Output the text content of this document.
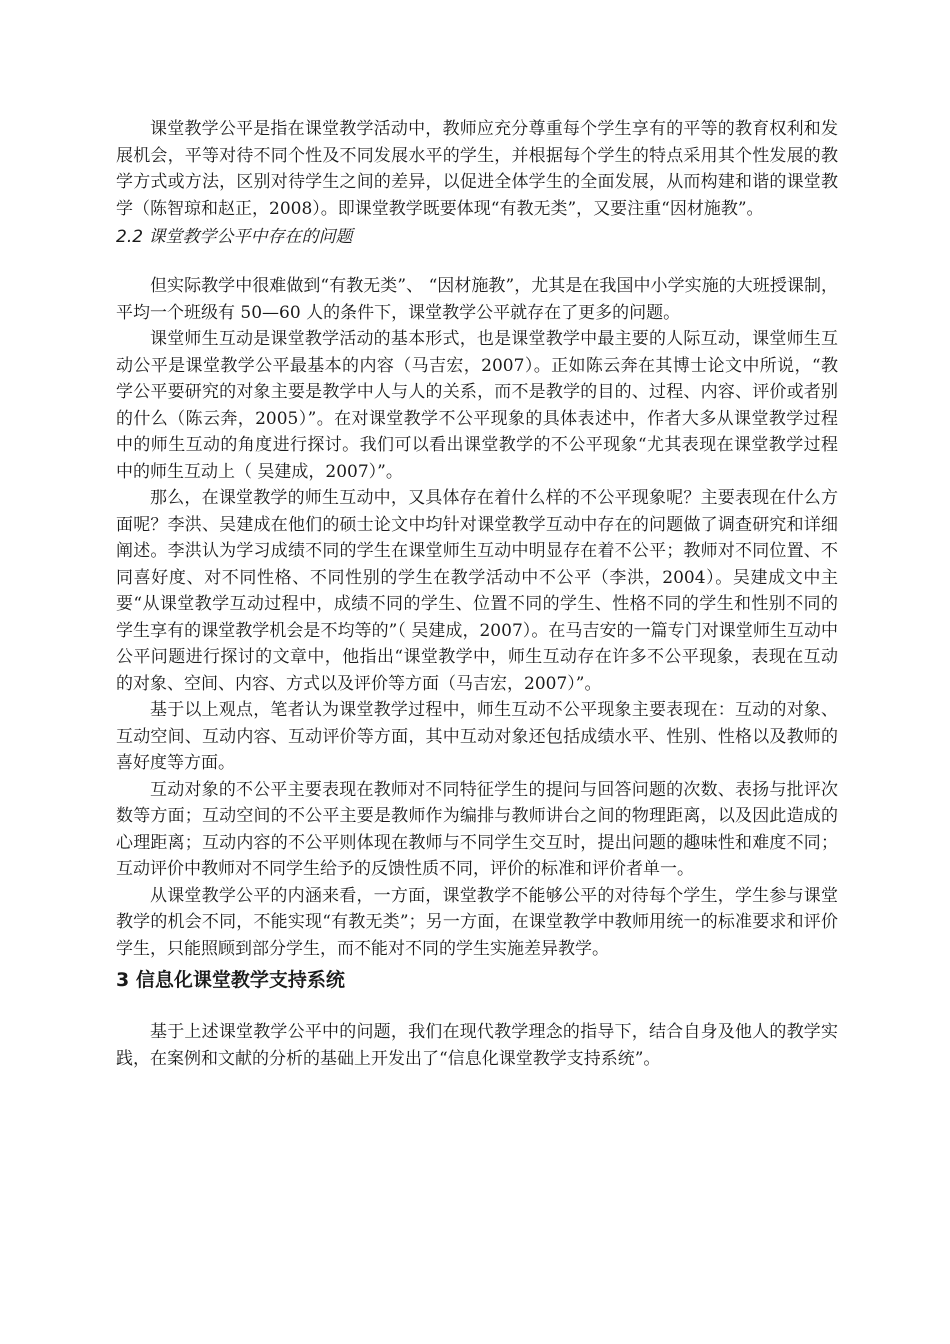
课堂教学公平是指在课堂教学活动中，教师应充分尊重每个学生享有的平等的教育权利和发展机会，平等对待不同个性及不同发展水平的学生，并根据每个学生的特点采用其个性发展的教学方式或方法，区别对待学生之间的差异，以促进全体学生的全面发展，从而构建和谐的课堂教学（陈智琼和赵正，2008）。即课堂教学既要体现“有教无类”，又要注重“因材施教”。

2.2 课堂教学公平中存在的问题

但实际教学中很难做到“有教无类”、 “因材施教”，尤其是在我国中小学实施的大班授课制，平均一个班级有 50—60 人的条件下，课堂教学公平就存在了更多的问题。

课堂师生互动是课堂教学活动的基本形式，也是课堂教学中最主要的人际互动，课堂师生互动公平是课堂教学公平最基本的内容（马吉宏，2007）。正如陈云奔在其博士论文中所说，“教学公平要研究的对象主要是教学中人与人的关系，而不是教学的目的、过程、内容、评价或者别的什么（陈云奔，2005）”。在对课堂教学不公平现象的具体表述中，作者大多从课堂教学过程中的师生互动的角度进行探讨。我们可以看出课堂教学的不公平现象“尤其表现在课堂教学过程中的师生互动上（ 吴建成，2007）”。

那么，在课堂教学的师生互动中，又具体存在着什么样的不公平现象呢？主要表现在什么方面呢？李洪、吴建成在他们的硕士论文中均针对课堂教学互动中存在的问题做了调查研究和详细阐述。李洪认为学习成绩不同的学生在课堂师生互动中明显存在着不公平；教师对不同位置、不同喜好度、对不同性格、不同性别的学生在教学活动中不公平（李洪，2004）。吴建成文中主要“从课堂教学互动过程中，成绩不同的学生、位置不同的学生、性格不同的学生和性别不同的学生享有的课堂教学机会是不均等的”（ 吴建成，2007）。在马吉安的一篇专门对课堂师生互动中公平问题进行探讨的文章中，他指出“课堂教学中，师生互动存在许多不公平现象，表现在互动的对象、空间、内容、方式以及评价等方面（马吉宏，2007）”。

基于以上观点，笔者认为课堂教学过程中，师生互动不公平现象主要表现在：互动的对象、互动空间、互动内容、互动评价等方面，其中互动对象还包括成绩水平、性别、性格以及教师的喜好度等方面。

互动对象的不公平主要表现在教师对不同特征学生的提问与回答问题的次数、表扬与批评次数等方面；互动空间的不公平主要是教师作为编排与教师讲台之间的物理距离，以及因此造成的心理距离；互动内容的不公平则体现在教师与不同学生交互时，提出问题的趣味性和难度不同；互动评价中教师对不同学生给予的反馈性质不同，评价的标准和评价者单一。

从课堂教学公平的内涵来看，一方面，课堂教学不能够公平的对待每个学生，学生参与课堂教学的机会不同，不能实现“有教无类”；另一方面，在课堂教学中教师用统一的标准要求和评价学生，只能照顾到部分学生，而不能对不同的学生实施差异教学。

3 信息化课堂教学支持系统

基于上述课堂教学公平中的问题，我们在现代教学理念的指导下，结合自身及他人的教学实践，在案例和文献的分析的基础上开发出了“信息化课堂教学支持系统”。
